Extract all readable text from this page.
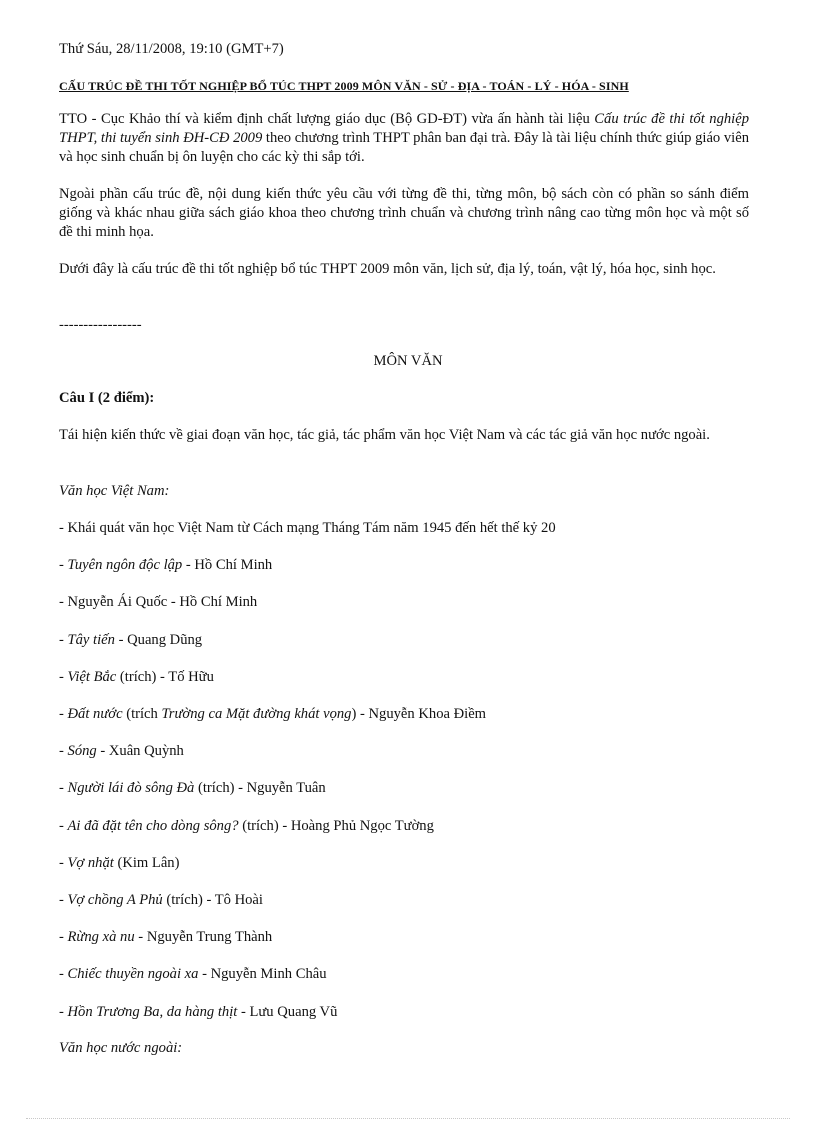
Thứ Sáu, 28/11/2008, 19:10 (GMT+7)

CẤU TRÚC ĐỀ THI TỐT NGHIỆP BỔ TÚC THPT 2009 MÔN VĂN - SỬ - ĐỊA - TOÁN - LÝ - HÓA - SINH

TTO - Cục Khảo thí và kiểm định chất lượng giáo dục (Bộ GD-ĐT) vừa ấn hành tài liệu Cấu trúc đề thi tốt nghiệp THPT, thi tuyển sinh ĐH-CĐ 2009 theo chương trình THPT phân ban đại trà. Đây là tài liệu chính thức giúp giáo viên và học sinh chuẩn bị ôn luyện cho các kỳ thi sắp tới.

Ngoài phần cấu trúc đề, nội dung kiến thức yêu cầu với từng đề thi, từng môn, bộ sách còn có phần so sánh điểm giống và khác nhau giữa sách giáo khoa theo chương trình chuẩn và chương trình nâng cao từng môn học và một số đề thi minh họa.

Dưới đây là cấu trúc đề thi tốt nghiệp bổ túc THPT 2009 môn văn, lịch sử, địa lý, toán, vật lý, hóa học, sinh học.

-----------------

MÔN VĂN

Câu I (2 điểm):

Tái hiện kiến thức về giai đoạn văn học, tác giả, tác phẩm văn học Việt Nam và các tác giả văn học nước ngoài.

Văn học Việt Nam:

- Khái quát văn học Việt Nam từ Cách mạng Tháng Tám năm 1945 đến hết thế kỷ 20

- Tuyên ngôn độc lập - Hồ Chí Minh

- Nguyễn Ái Quốc - Hồ Chí Minh

- Tây tiến - Quang Dũng

- Việt Bắc (trích) - Tố Hữu

- Đất nước (trích Trường ca Mặt đường khát vọng) - Nguyễn Khoa Điềm

- Sóng - Xuân Quỳnh

- Người lái đò sông Đà (trích) - Nguyễn Tuân

- Ai đã đặt tên cho dòng sông? (trích) - Hoàng Phủ Ngọc Tường

- Vợ nhặt (Kim Lân)

- Vợ chồng A Phủ (trích) - Tô Hoài

- Rừng xà nu - Nguyễn Trung Thành

- Chiếc thuyền ngoài xa - Nguyễn Minh Châu

- Hồn Trương Ba, da hàng thịt - Lưu Quang Vũ

Văn học nước ngoài:
